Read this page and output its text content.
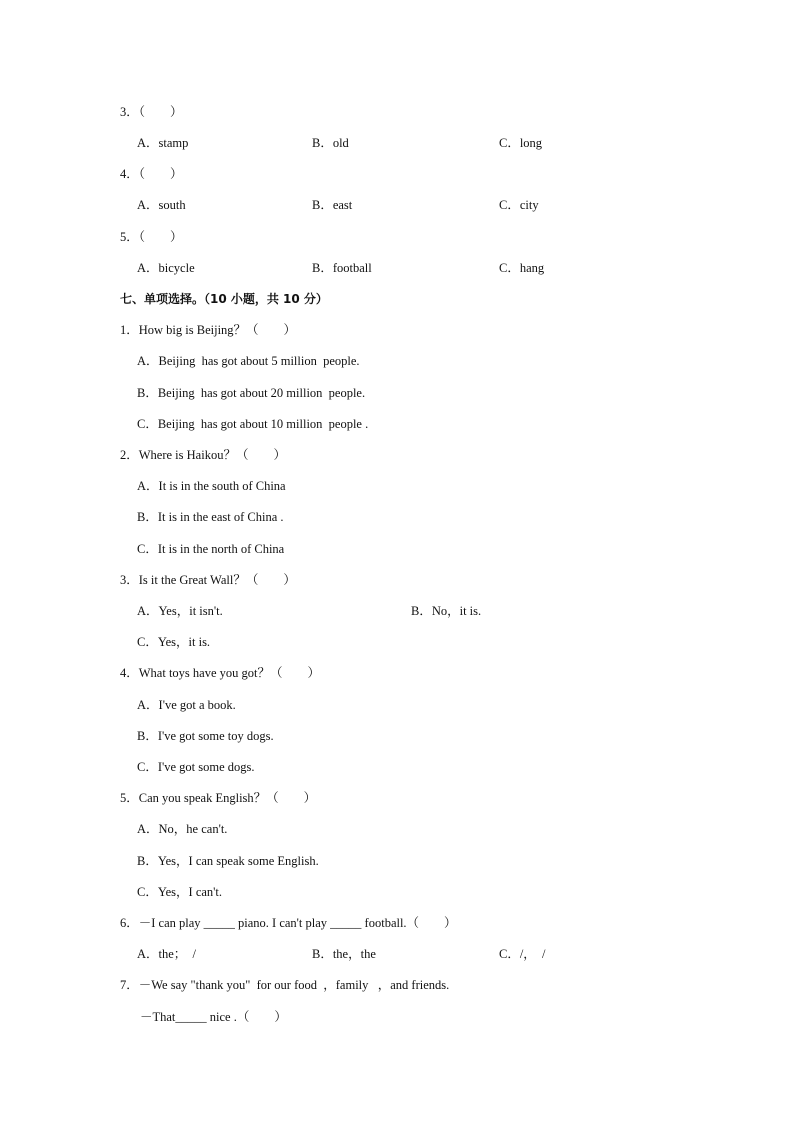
3．（　　）
A．stamp	B．old	C．long
4．（　　）
A．south	B．east	C．city
5．（　　）
A．bicycle	B．football	C．hang
七、单项选择。（10 小题，共 10 分）
1．How big is Beijing？（　　）
A．Beijing  has got about 5 million  people.
B．Beijing  has got about 20 million  people.
C．Beijing  has got about 10 million  people .
2．Where is Haikou？（　　）
A．It is in the south of China
B．It is in the east of China .
C．It is in the north of China
3．Is it the Great Wall？（　　）
A．Yes，it isn't.	B．No，it is.
C．Yes，it is.
4．What toys have you got？（　　）
A．I've got a book.
B．I've got some toy dogs.
C．I've got some dogs.
5．Can you speak English？（　　）
A．No，he can't.
B．Yes，I can speak some English.
C．Yes，I can't.
6．－I can play _____ piano. I can't play _____ football.（　　）
A．the；  /	B．the，the	C．/，  /
7．－We say "thank you"  for our food  ，family   ，and friends.
－That_____ nice .（　　）
